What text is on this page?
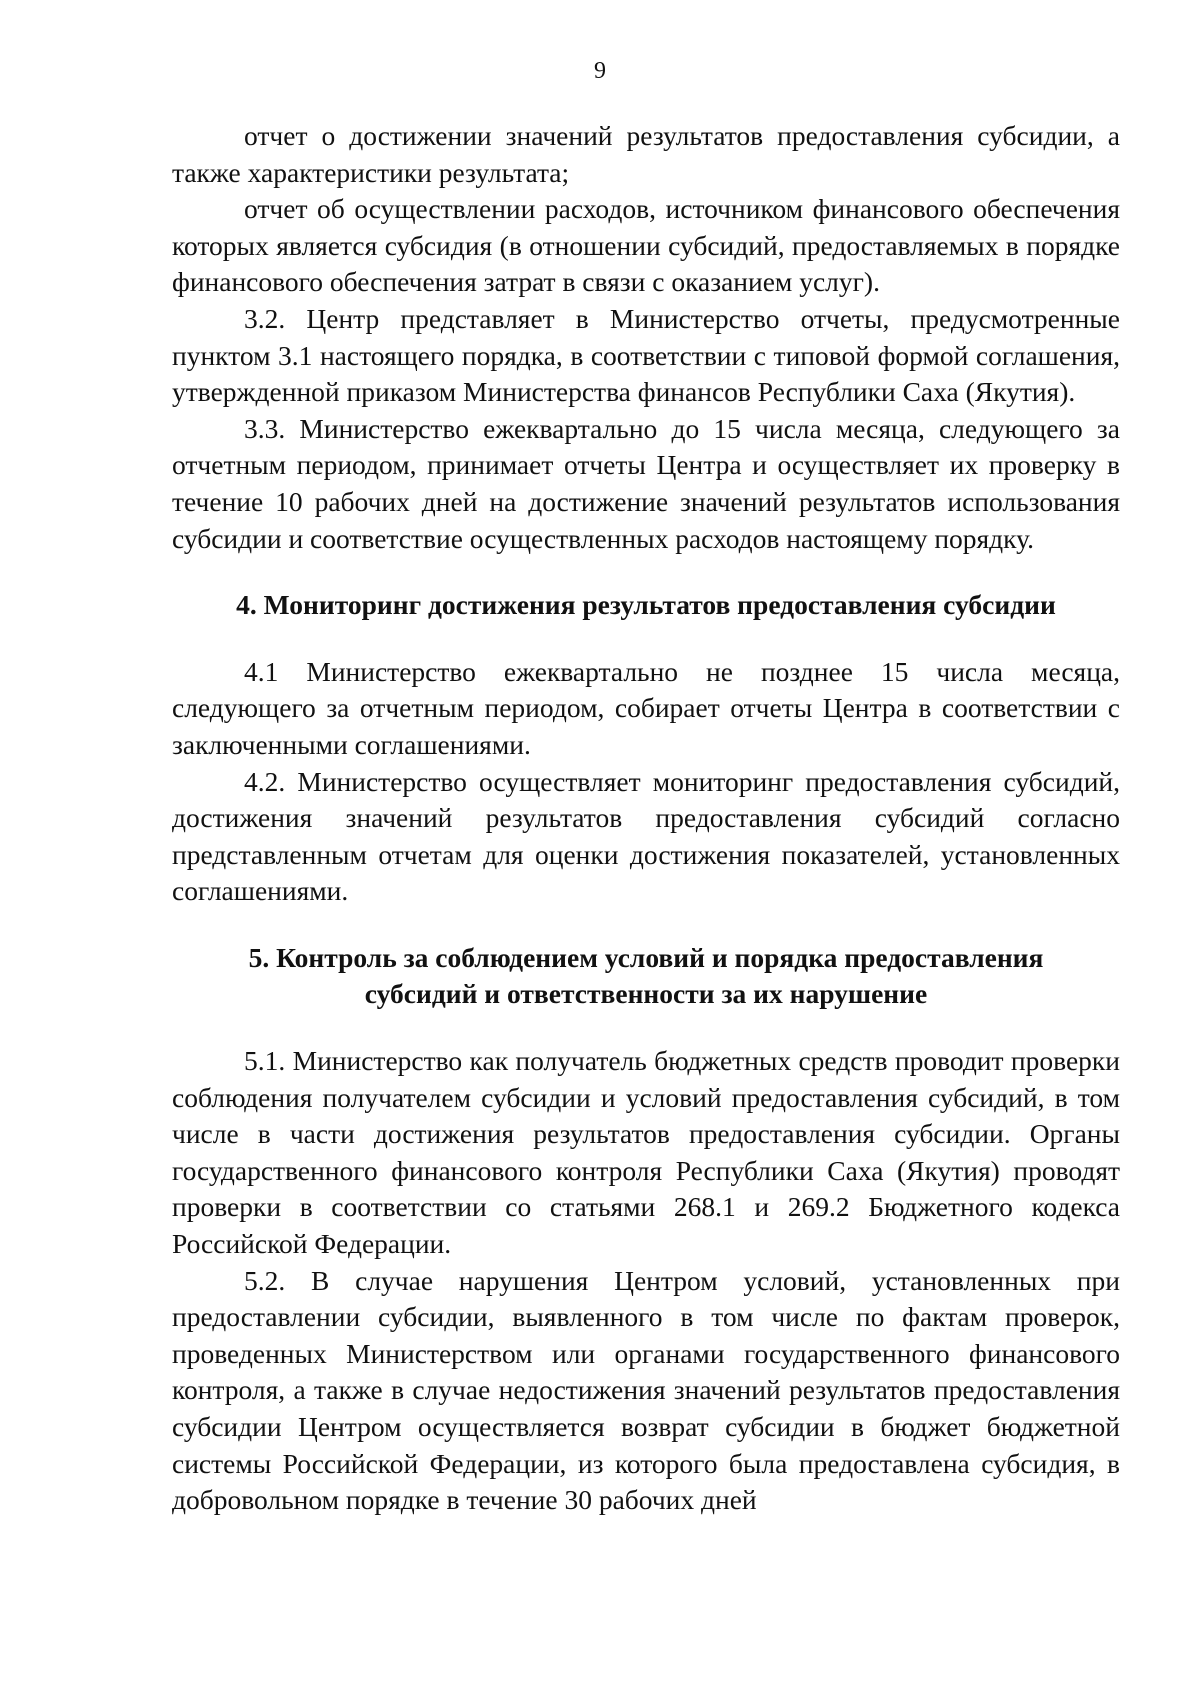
9

отчет о достижении значений результатов предоставления субсидии, а также характеристики результата;

отчет об осуществлении расходов, источником финансового обеспечения которых является субсидия (в отношении субсидий, предоставляемых в порядке финансового обеспечения затрат в связи с оказанием услуг).

3.2. Центр представляет в Министерство отчеты, предусмотренные пунктом 3.1 настоящего порядка, в соответствии с типовой формой соглашения, утвержденной приказом Министерства финансов Республики Саха (Якутия).

3.3. Министерство ежеквартально до 15 числа месяца, следующего за отчетным периодом, принимает отчеты Центра и осуществляет их проверку в течение 10 рабочих дней на достижение значений результатов использования субсидии и соответствие осуществленных расходов настоящему порядку.

4. Мониторинг достижения результатов предоставления субсидии

4.1 Министерство ежеквартально не позднее 15 числа месяца, следующего за отчетным периодом, собирает отчеты Центра в соответствии с заключенными соглашениями.

4.2. Министерство осуществляет мониторинг предоставления субсидий, достижения значений результатов предоставления субсидий согласно представленным отчетам для оценки достижения показателей, установленных соглашениями.

5. Контроль за соблюдением условий и порядка предоставления
субсидий и ответственности за их нарушение

5.1. Министерство как получатель бюджетных средств проводит проверки соблюдения получателем субсидии и условий предоставления субсидий, в том числе в части достижения результатов предоставления субсидии. Органы государственного финансового контроля Республики Саха (Якутия) проводят проверки в соответствии со статьями 268.1 и 269.2 Бюджетного кодекса Российской Федерации.

5.2. В случае нарушения Центром условий, установленных при предоставлении субсидии, выявленного в том числе по фактам проверок, проведенных Министерством или органами государственного финансового контроля, а также в случае недостижения значений результатов предоставления субсидии Центром осуществляется возврат субсидии в бюджет бюджетной системы Российской Федерации, из которого была предоставлена субсидия, в добровольном порядке в течение 30 рабочих дней
